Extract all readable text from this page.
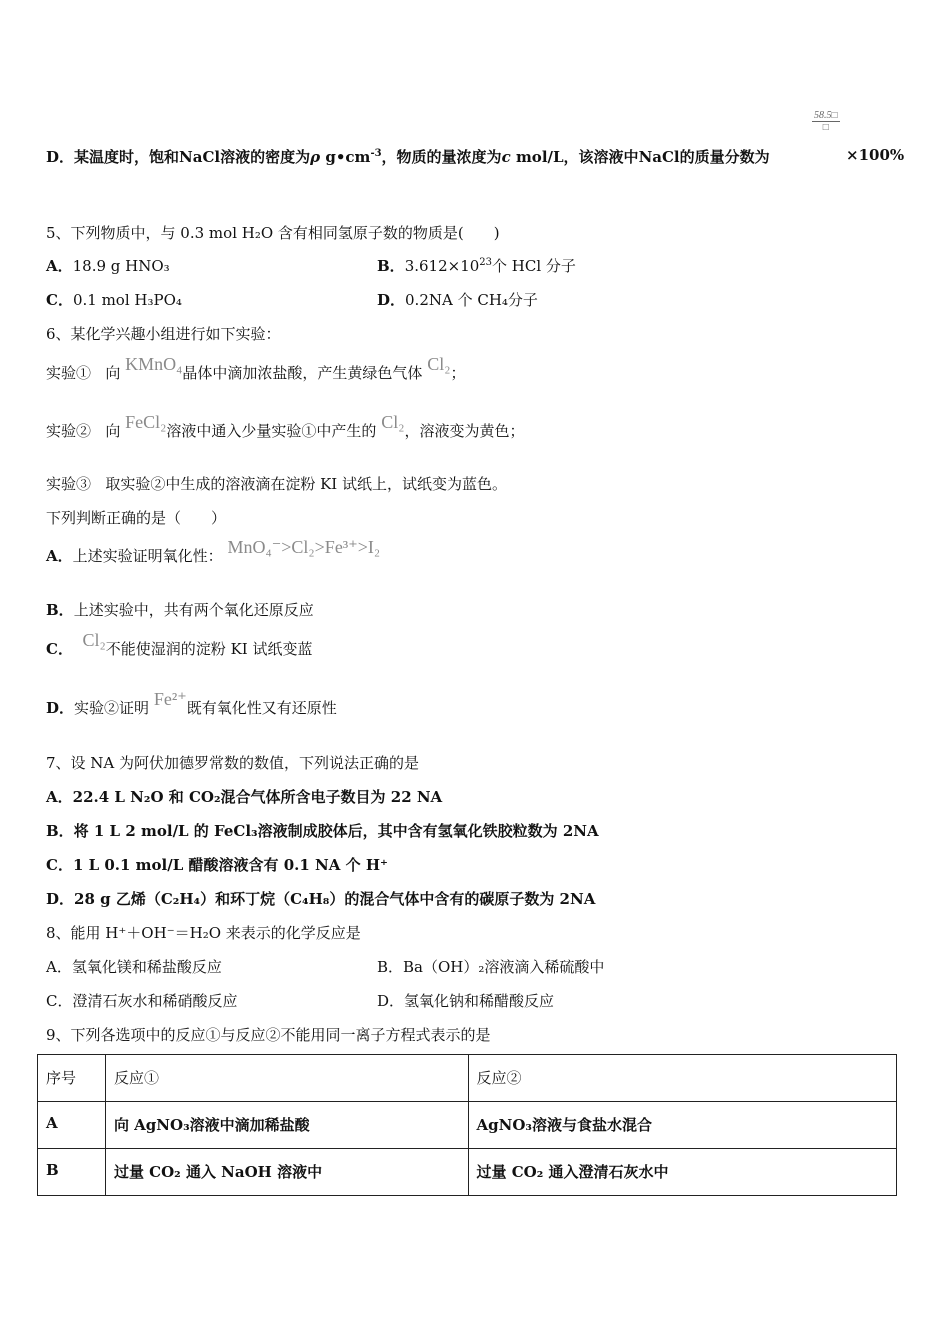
D．某温度时，饱和NaCl溶液的密度为ρ $g•cm^{-3}$，物质的量浓度为c mol/L，该溶液中NaCl的质量分数为
58.5□
□
×100%
5、下列物质中，与 0.3 mol H₂O 含有相同氢原子数的物质是(　　)
A．18.9 g HNO₃	B．$3.612\times 10^{23}$个 HCl 分子
C．0.1 mol H₃PO₄	D．0.2NA 个 CH₄分子
6、某化学兴趣小组进行如下实验：
实验① 向 KMnO₄晶体中滴加浓盐酸，产生黄绿色气体 Cl₂；
实验② 向 FeCl₂溶液中通入少量实验①中产生的 Cl₂，溶液变为黄色；
实验③ 取实验②中生成的溶液滴在淀粉 KI 试纸上，试纸变为蓝色。
下列判断正确的是（　　）
A．上述实验证明氧化性： MnO₄⁻>Cl₂>Fe³⁺>I₂
B．上述实验中，共有两个氧化还原反应
C． Cl₂不能使湿润的淀粉 KI 试纸变蓝
D．实验②证明 Fe²⁺既有氧化性又有还原性
7、设 NA 为阿伏加德罗常数的数值，下列说法正确的是
A．22.4 L N₂O 和 CO₂混合气体所含电子数目为 22 NA
B．将 1 L 2 mol/L 的 FeCl₃溶液制成胶体后，其中含有氢氧化铁胶粒数为 2NA
C．1 L 0.1 mol/L 醋酸溶液含有 0.1 NA 个 H⁺
D．28 g 乙烯（C₂H₄）和环丁烷（C₄H₈）的混合气体中含有的碳原子数为 2NA
8、能用 H⁺＋OH⁻＝H₂O 来表示的化学反应是
A．氢氧化镁和稀盐酸反应	B．Ba（OH）₂溶液滴入稀硫酸中
C．澄清石灰水和稀硝酸反应	D．氢氧化钠和稀醋酸反应
9、下列各选项中的反应①与反应②不能用同一离子方程式表示的是
序号	反应①	反应②
A	向 AgNO₃溶液中滴加稀盐酸	AgNO₃溶液与食盐水混合
B	过量 CO₂ 通入 NaOH 溶液中	过量 CO₂ 通入澄清石灰水中
